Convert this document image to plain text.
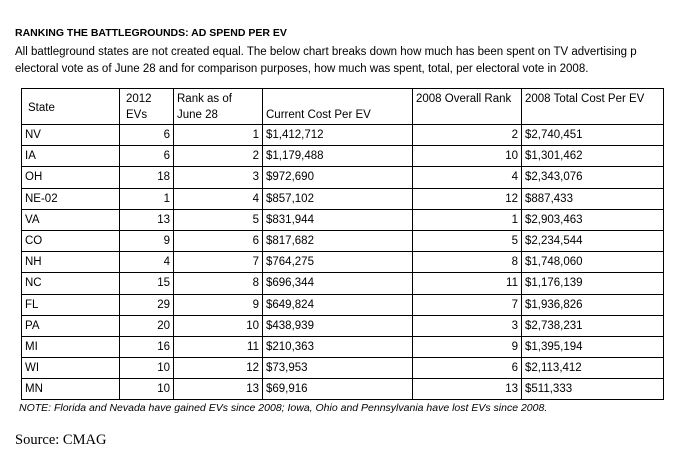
RANKING THE BATTLEGROUNDS: AD SPEND PER EV
All battleground states are not created equal. The below chart breaks down how much has been spent on TV advertising p
electoral vote as of June 28 and for comparison purposes, how much was spent, total, per electoral vote in 2008.
State	2012 EVs	Rank as of June 28	Current Cost Per EV	2008 Overall Rank	2008 Total Cost Per EV
NV	6	1	$1,412,712	2	$2,740,451
IA	6	2	$1,179,488	10	$1,301,462
OH	18	3	$972,690	4	$2,343,076
NE-02	1	4	$857,102	12	$887,433
VA	13	5	$831,944	1	$2,903,463
CO	9	6	$817,682	5	$2,234,544
NH	4	7	$764,275	8	$1,748,060
NC	15	8	$696,344	11	$1,176,139
FL	29	9	$649,824	7	$1,936,826
PA	20	10	$438,939	3	$2,738,231
MI	16	11	$210,363	9	$1,395,194
WI	10	12	$73,953	6	$2,113,412
MN	10	13	$69,916	13	$511,333
NOTE: Florida and Nevada have gained EVs since 2008; Iowa, Ohio and Pennsylvania have lost EVs since 2008.
Source: CMAG
